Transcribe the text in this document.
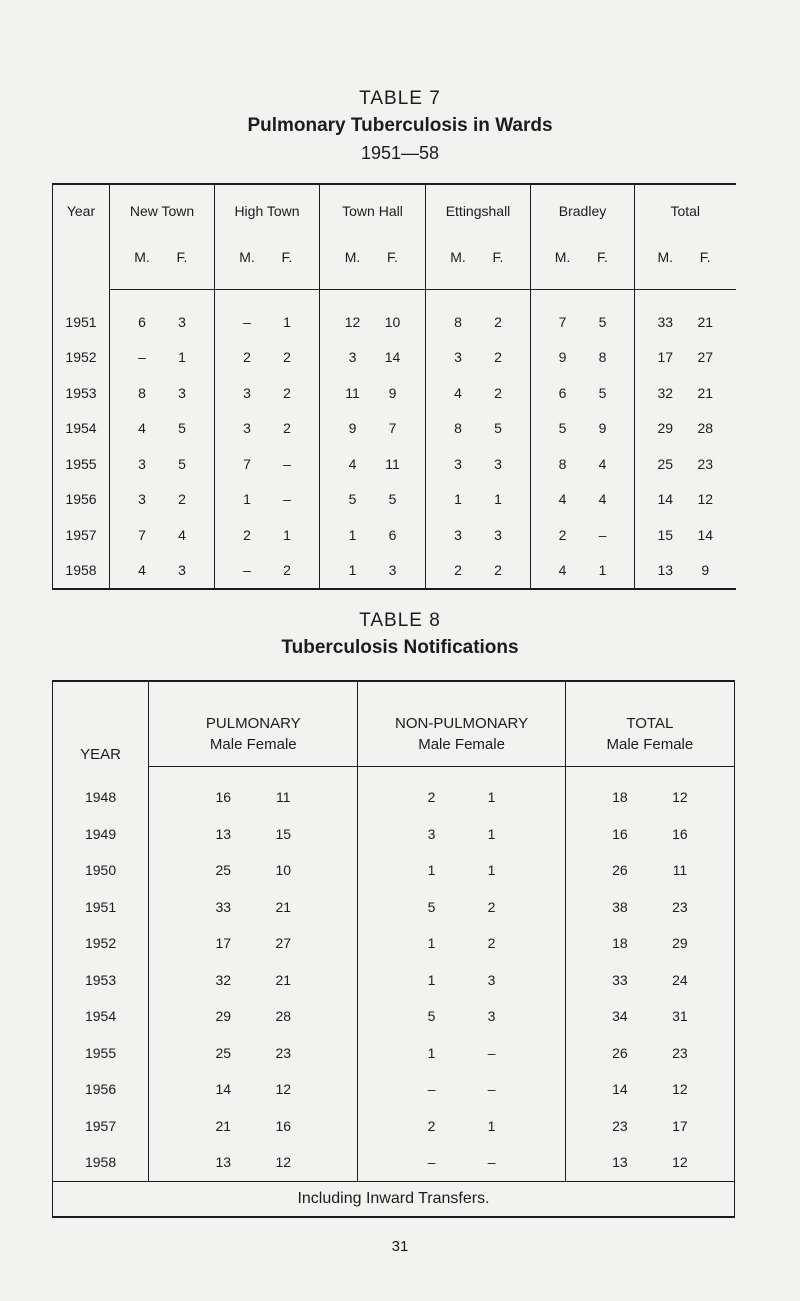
TABLE 7
Pulmonary Tuberculosis in Wards
1951—58
Year	New Town	High Town	Town Hall	Ettingshall	Bradley	Total

	M. F.	M. F.	M. F.	M. F.	M. F.	M. F.

1951	6 3	– 1	12 10	8 2	7 5	33 21

1952	– 1	2 2	3 14	3 2	9 8	17 27

1953	8 3	3 2	11 9	4 2	6 5	32 21

1954	4 5	3 2	9 7	8 5	5 9	29 28

1955	3 5	7 –	4 11	3 3	8 4	25 23

1956	3 2	1 –	5 5	1 1	4 4	14 12

1957	7 4	2 1	1 6	3 3	2 –	15 14

1958	4 3	– 2	1 3	2 2	4 1	13 9
TABLE 8
Tuberculosis Notifications
YEAR	PULMONARY	NON-PULMONARY	TOTAL
	Male Female	Male Female	Male Female
1948	16 11	2 1	18 12

1949	13 15	3 1	16 16

1950	25 10	1 1	26 11

1951	33 21	5 2	38 23

1952	17 27	1 2	18 29

1953	32 21	1 3	33 24

1954	29 28	5 3	34 31

1955	25 23	1 –	26 23

1956	14 12	– –	14 12

1957	21 16	2 1	23 17

1958	13 12	– –	13 12

Including Inward Transfers.			
31
